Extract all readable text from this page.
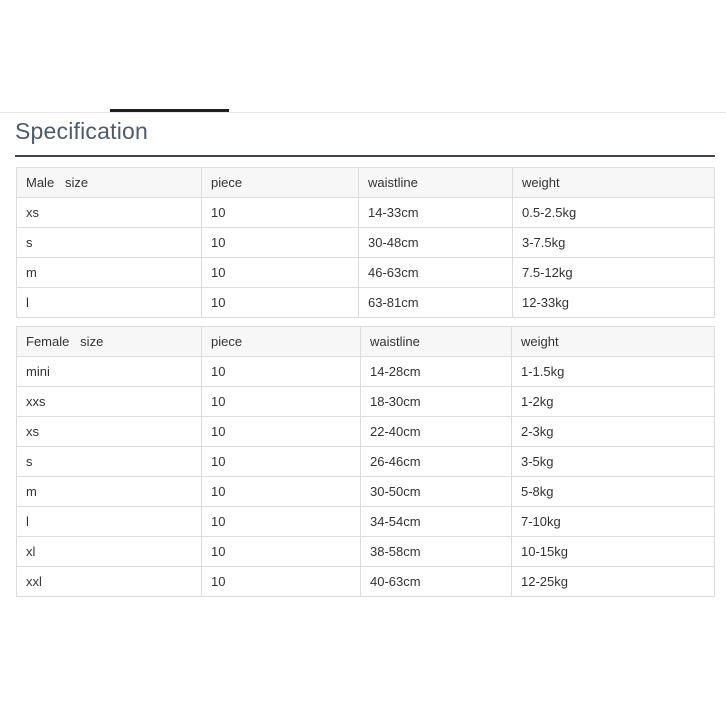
Specification
Male   size	piece	waistline	weight
xs	10	14-33cm	0.5-2.5kg
s	10	30-48cm	3-7.5kg
m	10	46-63cm	7.5-12kg
l	10	63-81cm	12-33kg
Female   size	piece	waistline	weight
mini	10	14-28cm	1-1.5kg
xxs	10	18-30cm	1-2kg
xs	10	22-40cm	2-3kg
s	10	26-46cm	3-5kg
m	10	30-50cm	5-8kg
l	10	34-54cm	7-10kg
xl	10	38-58cm	10-15kg
xxl	10	40-63cm	12-25kg
